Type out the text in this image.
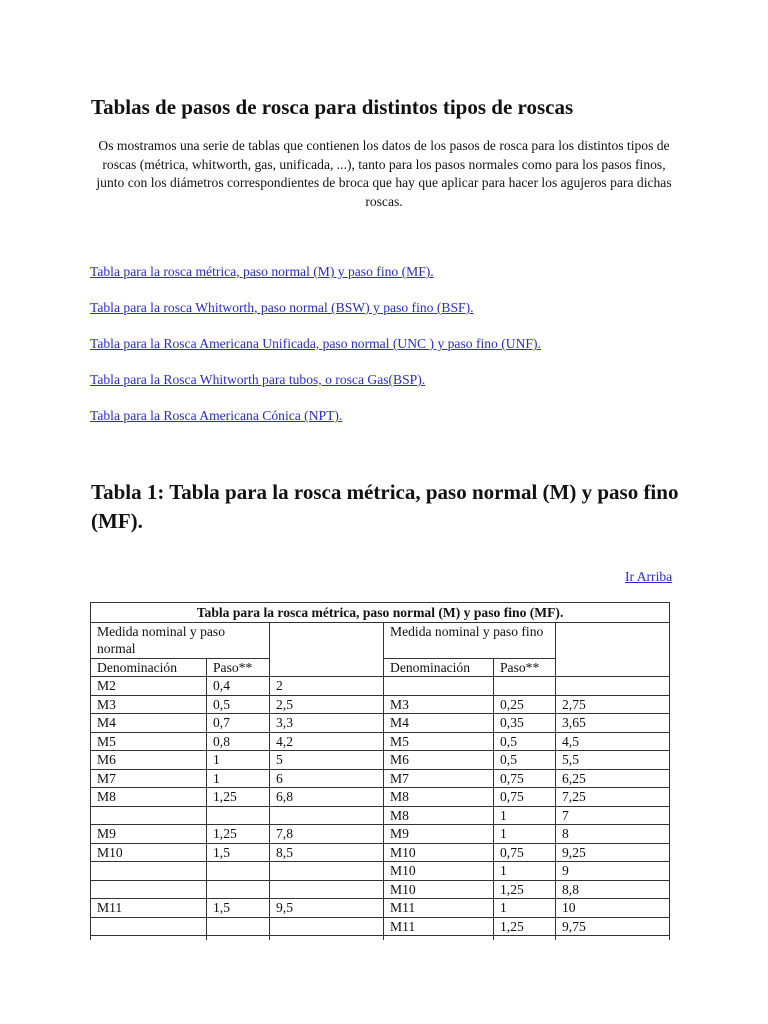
Tablas de pasos de rosca para distintos tipos de roscas

Os mostramos una serie de tablas que contienen los datos de los pasos de rosca para los distintos tipos de roscas (métrica, whitworth, gas, unificada, ...), tanto para los pasos normales como para los pasos finos, junto con los diámetros correspondientes de broca que hay que aplicar para hacer los agujeros para dichas roscas.

Tabla para la rosca métrica, paso normal (M) y paso fino (MF).
Tabla para la rosca Whitworth, paso normal (BSW) y paso fino (BSF).
Tabla para la Rosca Americana Unificada, paso normal (UNC ) y paso fino (UNF).
Tabla para la Rosca Whitworth para tubos, o rosca Gas(BSP).
Tabla para la Rosca Americana Cónica (NPT).
Tabla 1: Tabla para la rosca métrica, paso normal (M) y paso fino (MF).
Ir Arriba
Tabla para la rosca métrica, paso normal (M) y paso fino (MF).					
Medida nominal y paso normal			Medida nominal y paso fino		
Denominación	Paso**		Denominación	Paso**	
M2	0,4	2			
M3	0,5	2,5	M3	0,25	2,75
M4	0,7	3,3	M4	0,35	3,65
M5	0,8	4,2	M5	0,5	4,5
M6	1	5	M6	0,5	5,5
M7	1	6	M7	0,75	6,25
M8	1,25	6,8	M8	0,75	7,25
			M8	1	7
M9	1,25	7,8	M9	1	8
M10	1,5	8,5	M10	0,75	9,25
			M10	1	9
			M10	1,25	8,8
M11	1,5	9,5	M11	1	10
			M11	1,25	9,75
